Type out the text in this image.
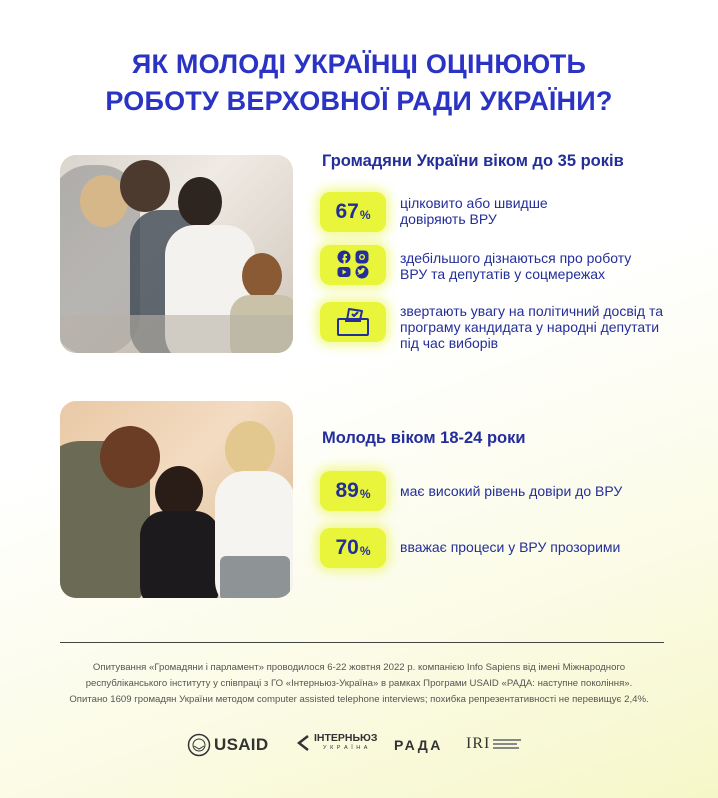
ЯК МОЛОДІ УКРАЇНЦІ ОЦІНЮЮТЬ
РОБОТУ ВЕРХОВНОЇ РАДИ УКРАЇНИ?
Громадяни України віком до 35 років
67 %
цілковито або швидше
довіряють ВРУ
здебільшого дізнаються про роботу
ВРУ та депутатів у соцмережах
звертають увагу на політичний досвід та
програму кандидата у народні депутати
під час виборів
Молодь віком 18-24 роки
89 % має високий рівень довіри до ВРУ
70 % вважає процеси у ВРУ прозорими
Опитування «Громадяни і парламент» проводилося 6-22 жовтня 2022 р. компанією Info Sapiens від імені Міжнародного
республіканського інституту у співпраці з ГО «Інтерньюз-Україна» в рамках Програми USAID «РАДА: наступне покоління».
Опитано 1609 громадян України методом computer assisted telephone interviews; похибка репрезентативності не перевищує 2,4%.
USAID	ІНТЕРНЬЮЗ
У К Р А Ї Н А	РАДА IRI
